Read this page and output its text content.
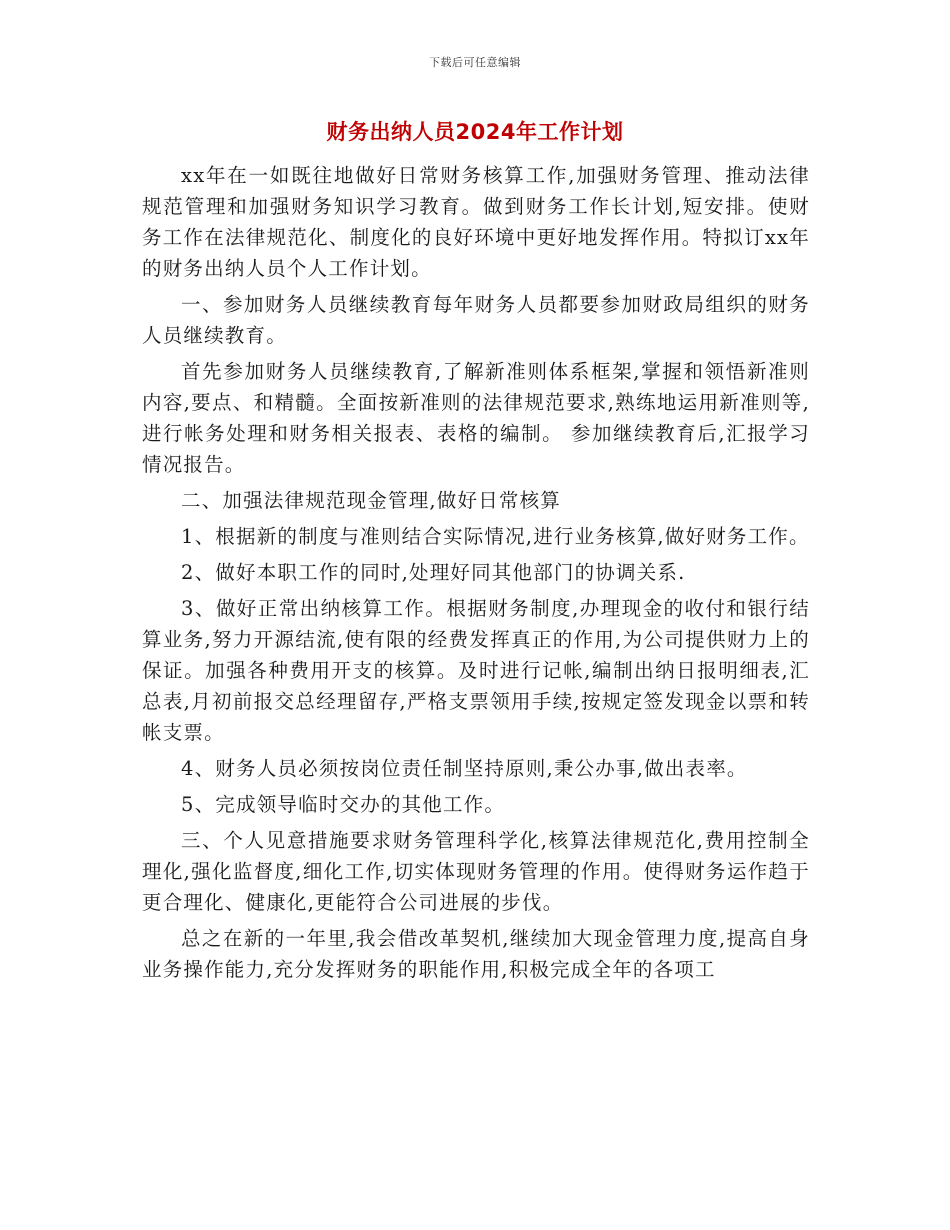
下载后可任意编辑
财务出纳人员2024年工作计划

xx年在一如既往地做好日常财务核算工作,加强财务管理、推动法律规范管理和加强财务知识学习教育。做到财务工作长计划,短安排。使财务工作在法律规范化、制度化的良好环境中更好地发挥作用。特拟订xx年的财务出纳人员个人工作计划。

一、参加财务人员继续教育每年财务人员都要参加财政局组织的财务人员继续教育。

首先参加财务人员继续教育,了解新准则体系框架,掌握和领悟新准则内容,要点、和精髓。全面按新准则的法律规范要求,熟练地运用新准则等,进行帐务处理和财务相关报表、表格的编制。 参加继续教育后,汇报学习情况报告。

二、加强法律规范现金管理,做好日常核算

1、根据新的制度与准则结合实际情况,进行业务核算,做好财务工作。

2、做好本职工作的同时,处理好同其他部门的协调关系.

3、做好正常出纳核算工作。根据财务制度,办理现金的收付和银行结算业务,努力开源结流,使有限的经费发挥真正的作用,为公司提供财力上的保证。加强各种费用开支的核算。及时进行记帐,编制出纳日报明细表,汇总表,月初前报交总经理留存,严格支票领用手续,按规定签发现金以票和转帐支票。

4、财务人员必须按岗位责任制坚持原则,秉公办事,做出表率。

5、完成领导临时交办的其他工作。

三、个人见意措施要求财务管理科学化,核算法律规范化,费用控制全理化,强化监督度,细化工作,切实体现财务管理的作用。使得财务运作趋于更合理化、健康化,更能符合公司进展的步伐。

总之在新的一年里,我会借改革契机,继续加大现金管理力度,提高自身业务操作能力,充分发挥财务的职能作用,积极完成全年的各项工
